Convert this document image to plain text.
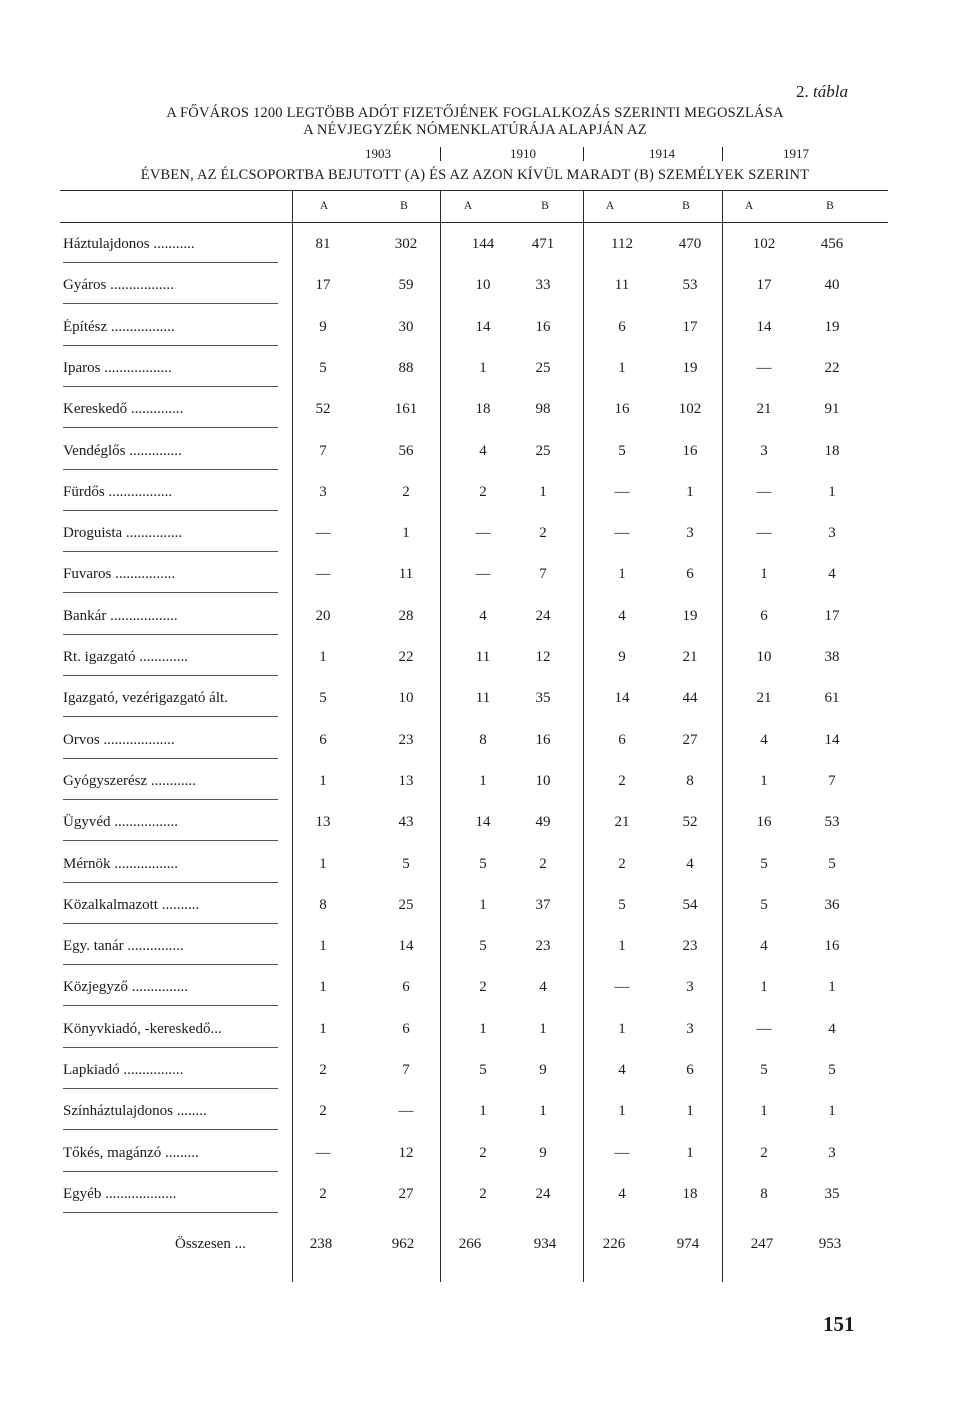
2. tábla
A FŐVÁROS 1200 LEGTÖBB ADÓT FIZETŐJÉNEK FOGLALKOZÁS SZERINTI MEGOSZLÁSA
A NÉVJEGYZÉK NÓMENKLATÚRÁJA ALAPJÁN AZ
1903	1910	1914	1917
ÉVBEN, AZ ÉLCSOPORTBA BEJUTOTT (A) ÉS AZ AZON KÍVÜL MARADT (B) SZEMÉLYEK SZERINT
A	B	A	B	A	B	A	B
Háztulajdonos ...........	81	302	144	471	112	470	102	456
Gyáros .................	17	59	10	33	11	53	17	40
Építész .................	9	30	14	16	6	17	14	19
Iparos ..................	5	88	1	25	1	19	—	22
Kereskedő ..............	52	161	18	98	16	102	21	91
Vendéglős ..............	7	56	4	25	5	16	3	18
Fürdős .................	3	2	2	1	—	1	—	1
Droguista ...............	—	1	—	2	—	3	—	3
Fuvaros ................	—	11	—	7	1	6	1	4
Bankár ..................	20	28	4	24	4	19	6	17
Rt. igazgató .............	1	22	11	12	9	21	10	38
Igazgató, vezérigazgató ált.	5	10	11	35	14	44	21	61
Orvos ...................	6	23	8	16	6	27	4	14
Gyógyszerész ............	1	13	1	10	2	8	1	7
Ügyvéd .................	13	43	14	49	21	52	16	53
Mérnök .................	1	5	5	2	2	4	5	5
Közalkalmazott ..........	8	25	1	37	5	54	5	36
Egy. tanár ...............	1	14	5	23	1	23	4	16
Közjegyző ...............	1	6	2	4	—	3	1	1
Könyvkiadó, -kereskedő...	1	6	1	1	1	3	—	4
Lapkiadó ................	2	7	5	9	4	6	5	5
Színháztulajdonos ........	2	—	1	1	1	1	1	1
Tőkés, magánzó .........	—	12	2	9	—	1	2	3
Egyéb ...................	2	27	2	24	4	18	8	35
Összesen ...	238	962	266	934	226	974	247	953
151
